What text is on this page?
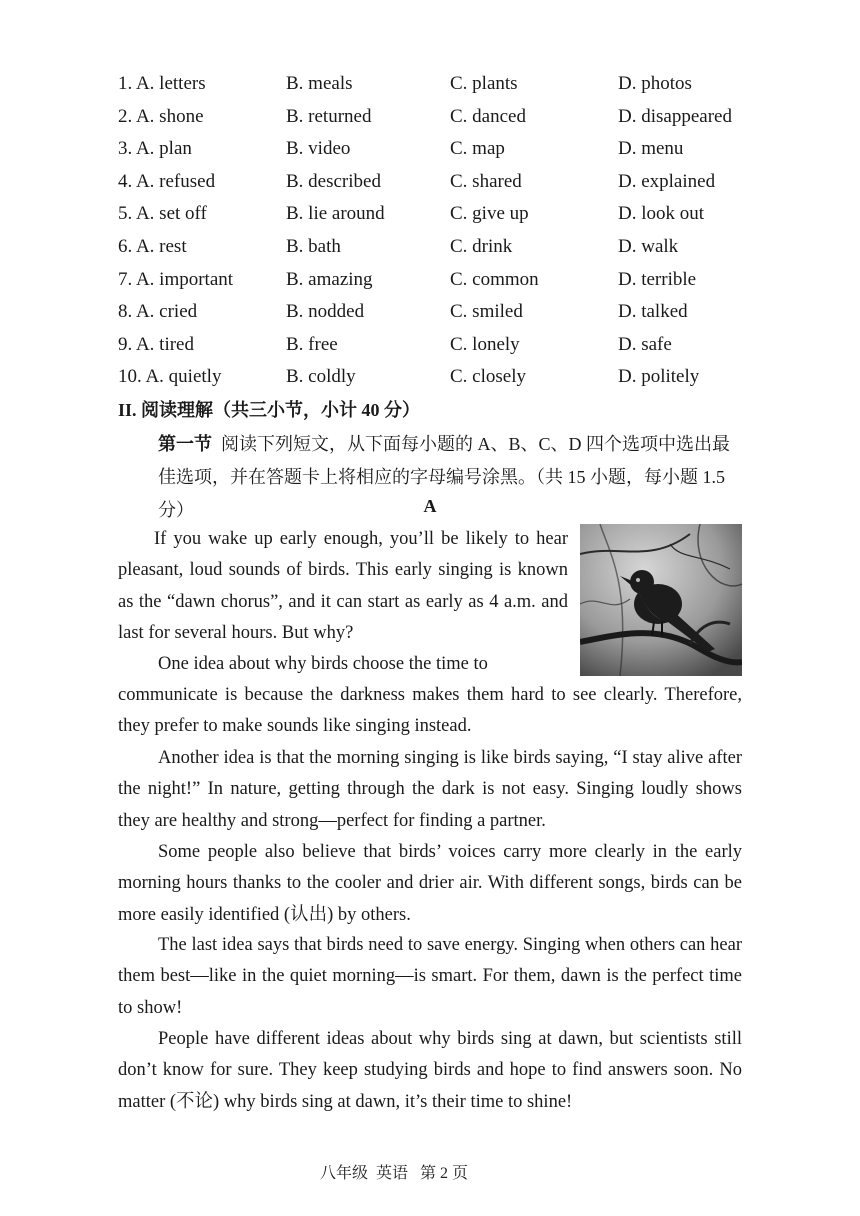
1. A. letters	B. meals	C. plants	D. photos
2. A. shone	B. returned	C. danced	D. disappeared
3. A. plan	B. video	C. map	D. menu
4. A. refused	B. described	C. shared	D. explained
5. A. set off	B. lie around	C. give up	D. look out
6. A. rest	B. bath	C. drink	D. walk
7. A. important	B. amazing	C. common	D. terrible
8. A. cried	B. nodded	C. smiled	D. talked
9. A. tired	B. free	C. lonely	D. safe
10. A. quietly	B. coldly	C. closely	D. politely
II. 阅读理解（共三小节，小计 40 分）
第一节 阅读下列短文，从下面每小题的 A、B、C、D 四个选项中选出最佳选项，并在答题卡上将相应的字母编号涂黑。（共 15 小题，每小题 1.5 分）	A
If you wake up early enough, you’ll be likely to hear pleasant, loud sounds of birds. This early singing is known as the “dawn chorus”, and it can start as early as 4 a.m. and last for several hours. But why?
One idea about why birds choose the time to
communicate is because the darkness makes them hard to see clearly. Therefore, they prefer to make sounds like singing instead.
Another idea is that the morning singing is like birds saying, “I stay alive after the night!” In nature, getting through the dark is not easy. Singing loudly shows they are healthy and strong—perfect for finding a partner.
Some people also believe that birds’ voices carry more clearly in the early morning hours thanks to the cooler and drier air. With different songs, birds can be more easily identified (认出) by others.
The last idea says that birds need to save energy. Singing when others can hear them best—like in the quiet morning—is smart. For them, dawn is the perfect time to show!
People have different ideas about why birds sing at dawn, but scientists still don’t know for sure. They keep studying birds and hope to find answers soon. No matter (不论) why birds sing at dawn, it’s their time to shine!
八年级 英语 第 2 页
